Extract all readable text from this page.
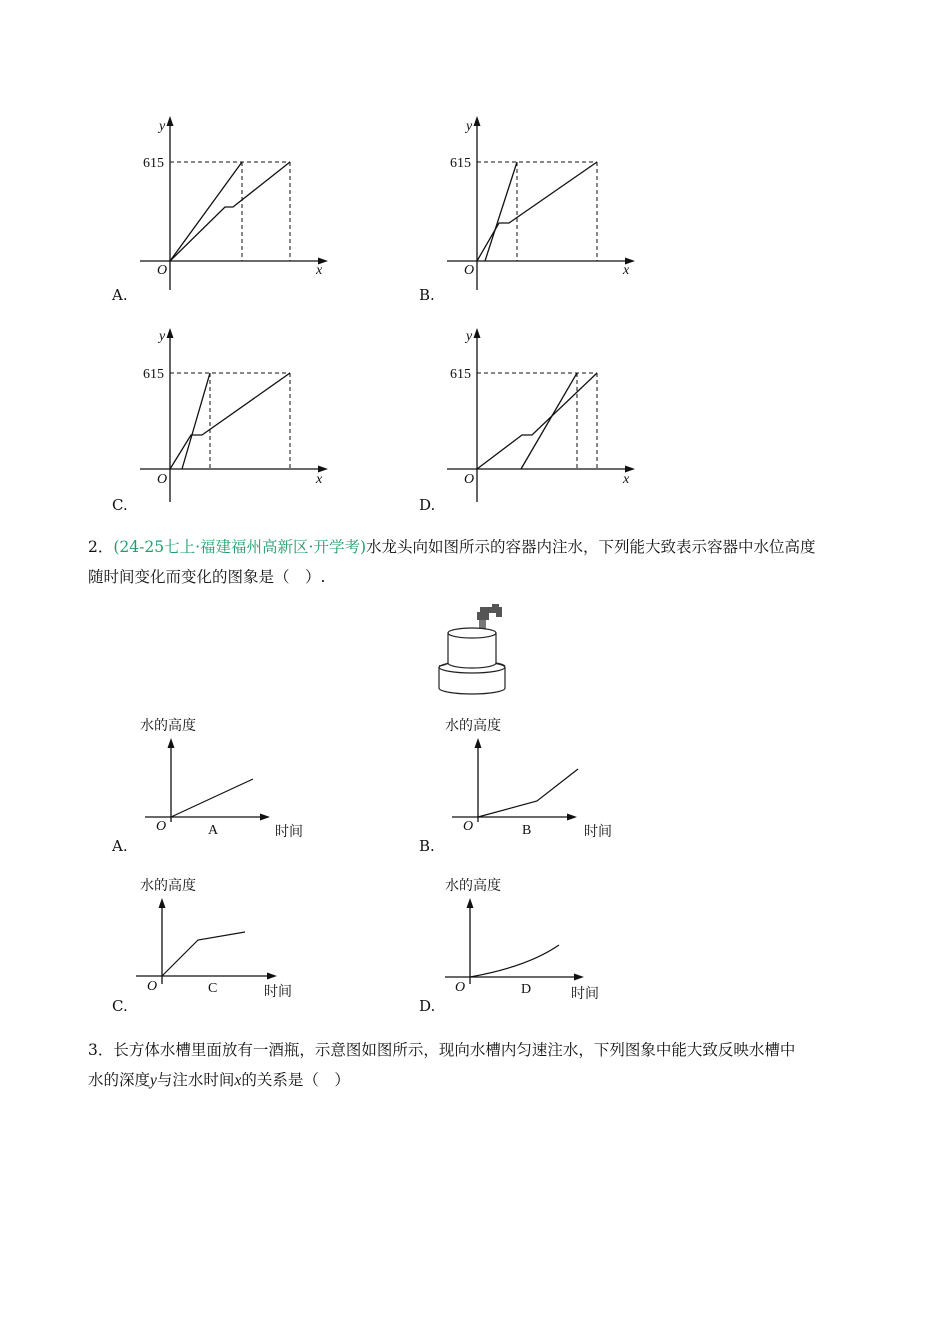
y
x
O
615
A.
y
x
O
615
B.
y
x
O
615
C.
y
x
O
615
D.
2．(24-25七上·福建福州高新区·开学考)水龙头向如图所示的容器内注水，下列能大致表示容器中水位高度
随时间变化而变化的图象是（　）.
水的高度
O	A	时间
A.
水的高度
O	B	时间
B.
水的高度
O	C	时间
C.
水的高度
O	D	时间
D.
3．长方体水槽里面放有一酒瓶，示意图如图所示，现向水槽内匀速注水，下列图象中能大致反映水槽中
水的深度y与注水时间x的关系是（　）
